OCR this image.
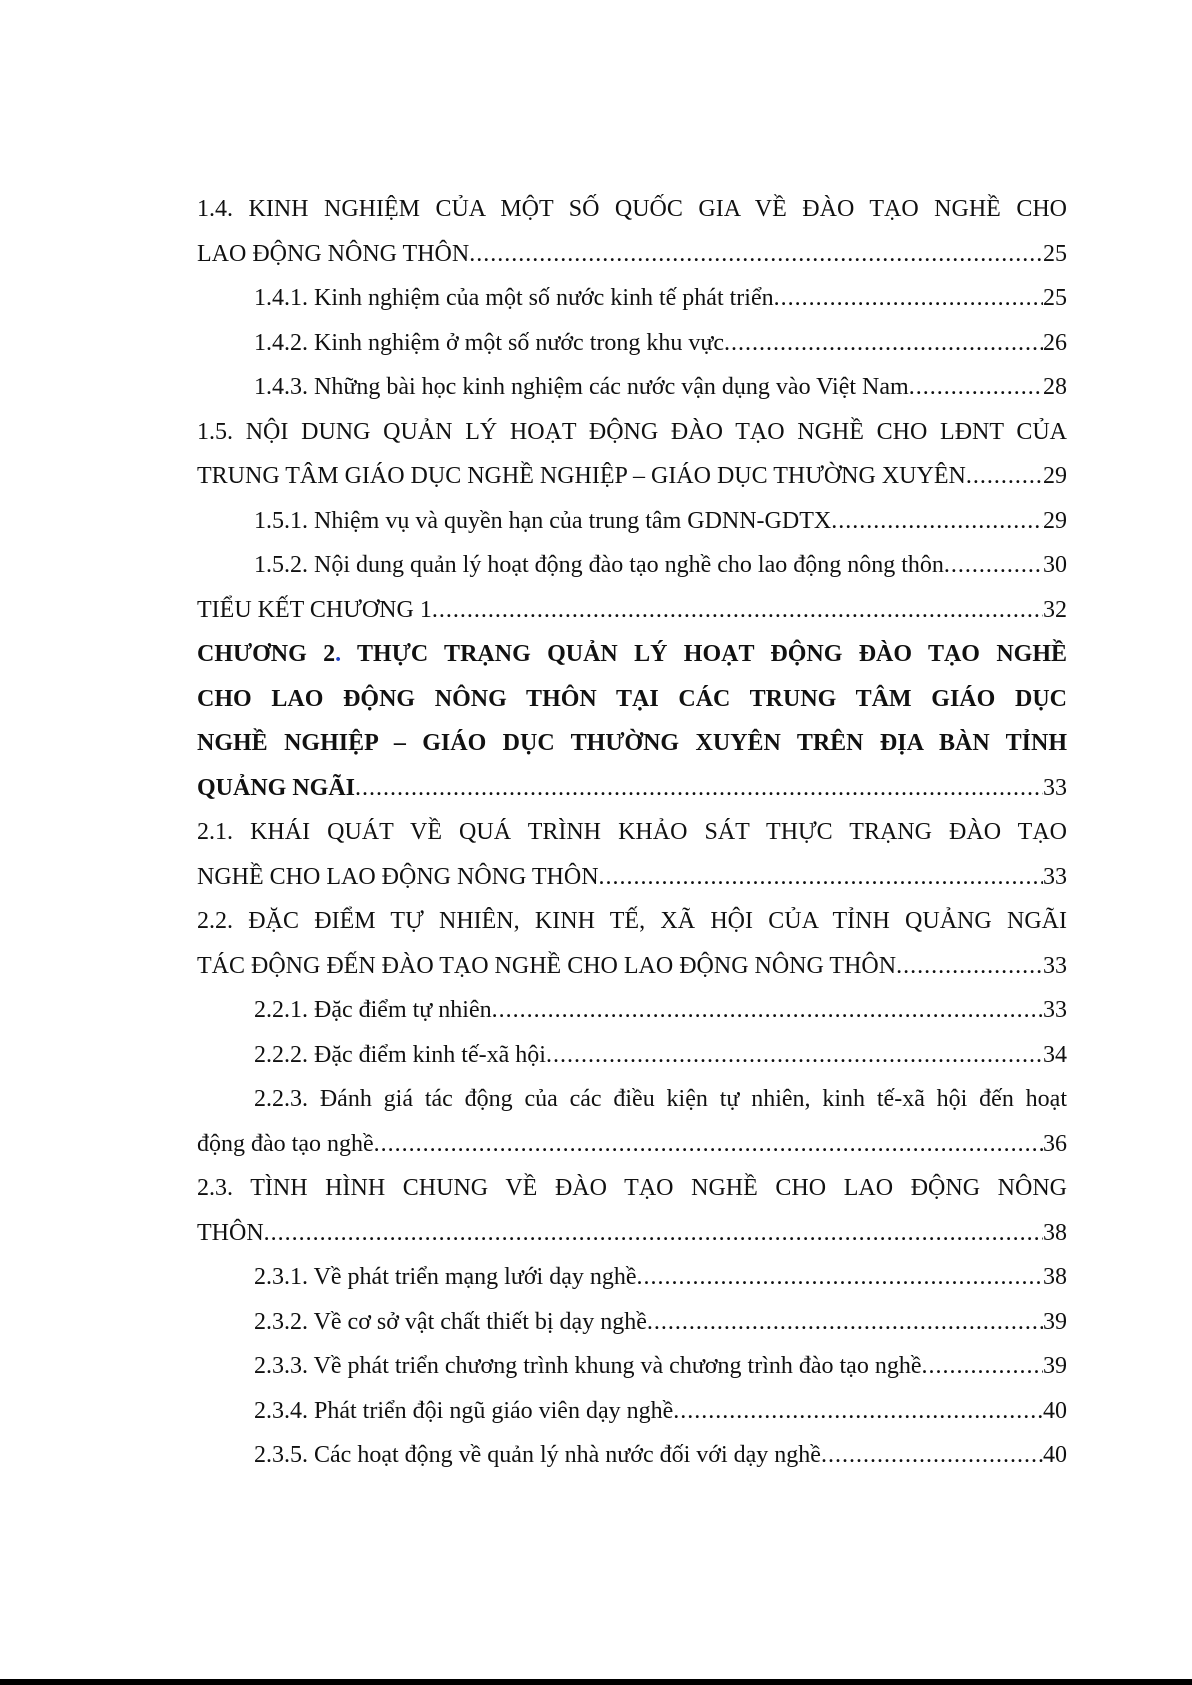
1.4. KINH NGHIỆM CỦA MỘT SỐ QUỐC GIA VỀ ĐÀO TẠO NGHỀ CHO
LAO ĐỘNG NÔNG THÔN .....	25
1.4.1. Kinh nghiệm của một số nước kinh tế phát triển .....	25
1.4.2. Kinh nghiệm ở một số nước trong khu vực .....	26
1.4.3. Những bài học kinh nghiệm các nước vận dụng vào Việt Nam .....	28
1.5. NỘI DUNG QUẢN LÝ HOẠT ĐỘNG ĐÀO TẠO NGHỀ CHO LĐNT CỦA
TRUNG TÂM GIÁO DỤC NGHỀ NGHIỆP – GIÁO DỤC THƯỜNG XUYÊN .....	29
1.5.1. Nhiệm vụ và quyền hạn của trung tâm GDNN-GDTX .....	29
1.5.2. Nội dung quản lý hoạt động đào tạo nghề cho lao động nông thôn .....	30
TIỂU KẾT CHƯƠNG 1 .....	32
CHƯƠNG 2. THỰC TRẠNG QUẢN LÝ HOẠT ĐỘNG ĐÀO TẠO NGHỀ
CHO LAO ĐỘNG NÔNG THÔN TẠI CÁC TRUNG TÂM GIÁO DỤC
NGHỀ NGHIỆP – GIÁO DỤC THƯỜNG XUYÊN TRÊN ĐỊA BÀN TỈNH
QUẢNG NGÃI .....	33
2.1. KHÁI QUÁT VỀ QUÁ TRÌNH KHẢO SÁT THỰC TRẠNG ĐÀO TẠO
NGHỀ CHO LAO ĐỘNG NÔNG THÔN .....	33
2.2. ĐẶC ĐIỂM TỰ NHIÊN, KINH TẾ, XÃ HỘI CỦA TỈNH QUẢNG NGÃI
TÁC ĐỘNG ĐẾN ĐÀO TẠO NGHỀ CHO LAO ĐỘNG NÔNG THÔN .....	33
2.2.1. Đặc điểm tự nhiên .....	33
2.2.2. Đặc điểm kinh tế-xã hội .....	34
2.2.3. Đánh giá tác động của các điều kiện tự nhiên, kinh tế-xã hội đến hoạt
động đào tạo nghề .....	36
2.3. TÌNH HÌNH CHUNG VỀ ĐÀO TẠO NGHỀ CHO LAO ĐỘNG NÔNG
THÔN .....	38
2.3.1. Về phát triển mạng lưới dạy nghề .....	38
2.3.2. Về cơ sở vật chất thiết bị dạy nghề .....	39
2.3.3. Về phát triển chương trình khung và chương trình đào tạo nghề .....	39
2.3.4. Phát triển đội ngũ giáo viên dạy nghề .....	40
2.3.5. Các hoạt động về quản lý nhà nước đối với dạy nghề .....	40
